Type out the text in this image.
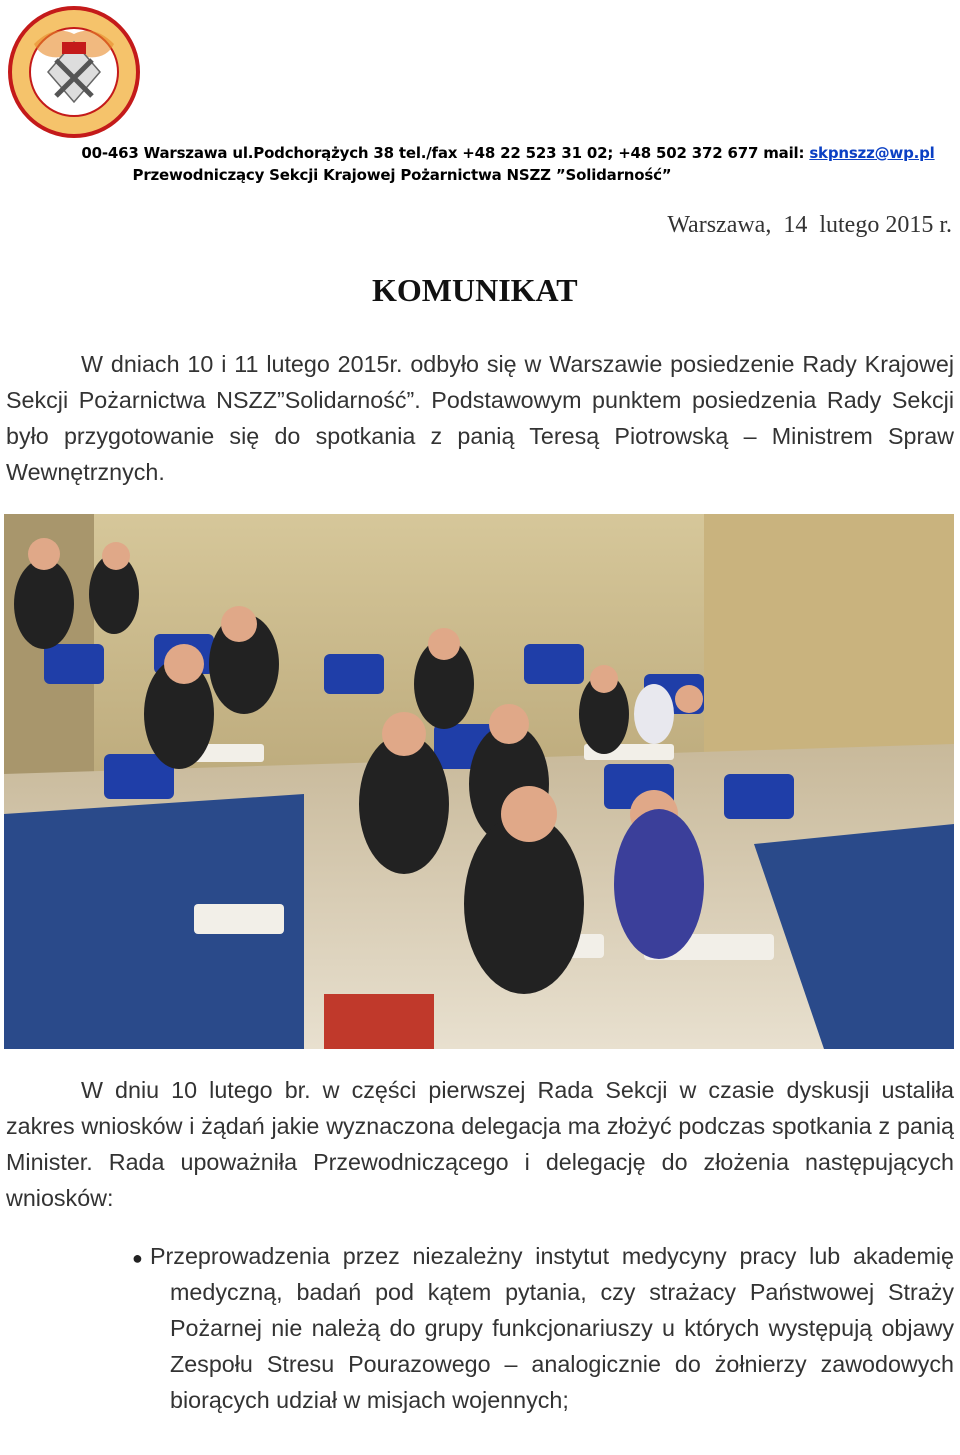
00-463 Warszawa ul.Podchorążych 38 tel./fax +48 22 523 31 02; +48 502 372 677 mail: skpnszz@wp.pl
Przewodniczący Sekcji Krajowej Pożarnictwa NSZZ ”Solidarność”
Warszawa,  14  lutego 2015 r.
KOMUNIKAT
W dniach 10 i 11 lutego 2015r. odbyło się w Warszawie posiedzenie Rady Krajowej Sekcji Pożarnictwa NSZZ”Solidarność”. Podstawowym punktem posiedzenia Rady Sekcji było przygotowanie się do spotkania z panią Teresą Piotrowską – Ministrem Spraw Wewnętrznych.
W dniu 10 lutego br. w części pierwszej Rada Sekcji w czasie dyskusji ustaliła zakres wniosków i żądań jakie wyznaczona delegacja ma złożyć podczas spotkania z panią Minister. Rada upoważniła Przewodniczącego i delegację do złożenia następujących wniosków:
● Przeprowadzenia przez niezależny instytut medycyny pracy lub akademię medyczną, badań pod kątem pytania, czy strażacy Państwowej Straży Pożarnej nie należą do grupy funkcjonariuszy u których występują objawy Zespołu Stresu Pourazowego – analogicznie do żołnierzy zawodowych biorących udział w misjach wojennych;
